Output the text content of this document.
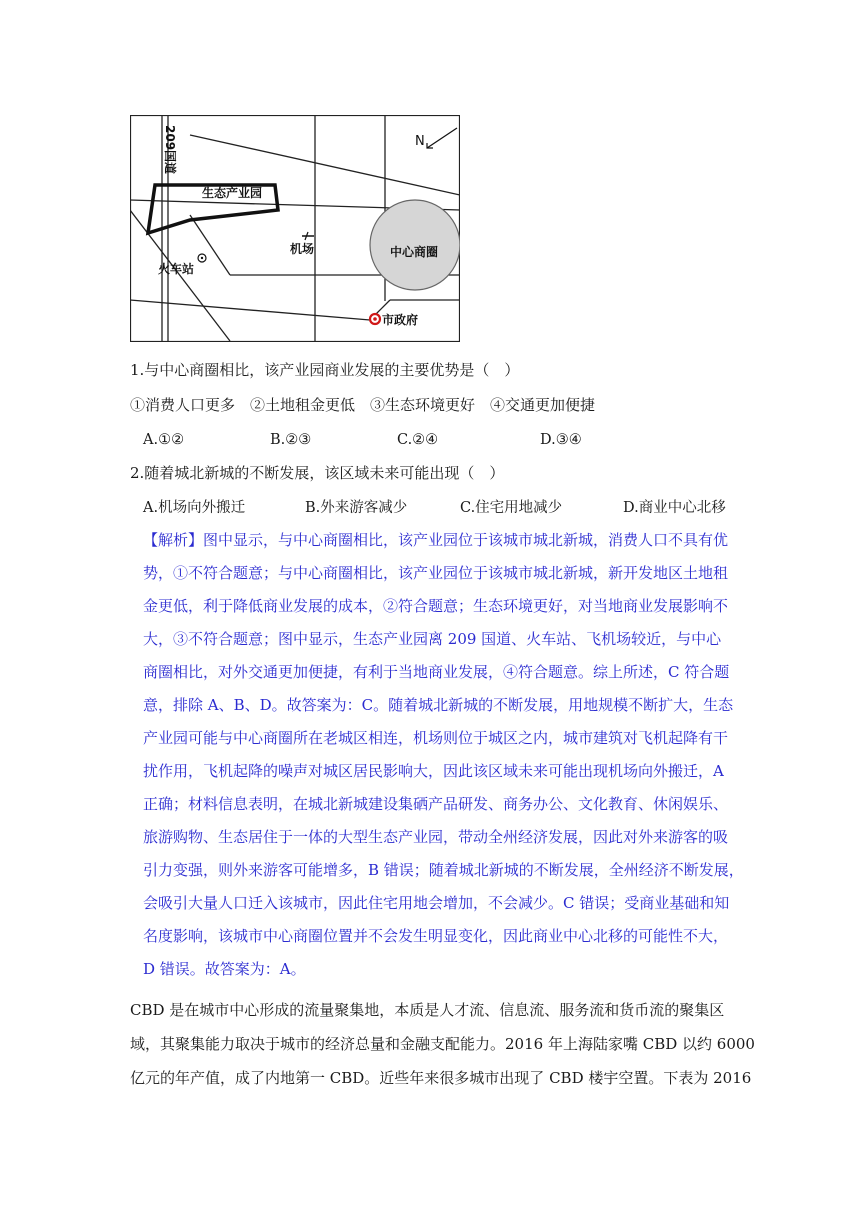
209国道
生态产业园
机场
火车站
中心商圈
市政府
N
1.与中心商圈相比，该产业园商业发展的主要优势是（　）
①消费人口更多　②土地租金更低　③生态环境更好　④交通更加便捷
A.①②	B.②③	C.②④	D.③④
2.随着城北新城的不断发展，该区域未来可能出现（　）
A.机场向外搬迁	B.外来游客减少	C.住宅用地减少	D.商业中心北移
【解析】图中显示，与中心商圈相比，该产业园位于该城市城北新城，消费人口不具有优
势，①不符合题意；与中心商圈相比，该产业园位于该城市城北新城，新开发地区土地租
金更低，利于降低商业发展的成本，②符合题意；生态环境更好，对当地商业发展影响不
大，③不符合题意；图中显示，生态产业园离 209 国道、火车站、飞机场较近，与中心
商圈相比，对外交通更加便捷，有利于当地商业发展，④符合题意。综上所述，C 符合题
意，排除 A、B、D。故答案为：C。随着城北新城的不断发展，用地规模不断扩大，生态
产业园可能与中心商圈所在老城区相连，机场则位于城区之内，城市建筑对飞机起降有干
扰作用，飞机起降的噪声对城区居民影响大，因此该区域未来可能出现机场向外搬迁，A
正确；材料信息表明，在城北新城建设集硒产品研发、商务办公、文化教育、休闲娱乐、
旅游购物、生态居住于一体的大型生态产业园，带动全州经济发展，因此对外来游客的吸
引力变强，则外来游客可能增多，B 错误；随着城北新城的不断发展，全州经济不断发展，
会吸引大量人口迁入该城市，因此住宅用地会增加，不会减少。C 错误；受商业基础和知
名度影响，该城市中心商圈位置并不会发生明显变化，因此商业中心北移的可能性不大，
D 错误。故答案为：A。
CBD 是在城市中心形成的流量聚集地，本质是人才流、信息流、服务流和货币流的聚集区
域，其聚集能力取决于城市的经济总量和金融支配能力。2016 年上海陆家嘴 CBD 以约 6000
亿元的年产值，成了内地第一 CBD。近些年来很多城市出现了 CBD 楼宇空置。下表为 2016
